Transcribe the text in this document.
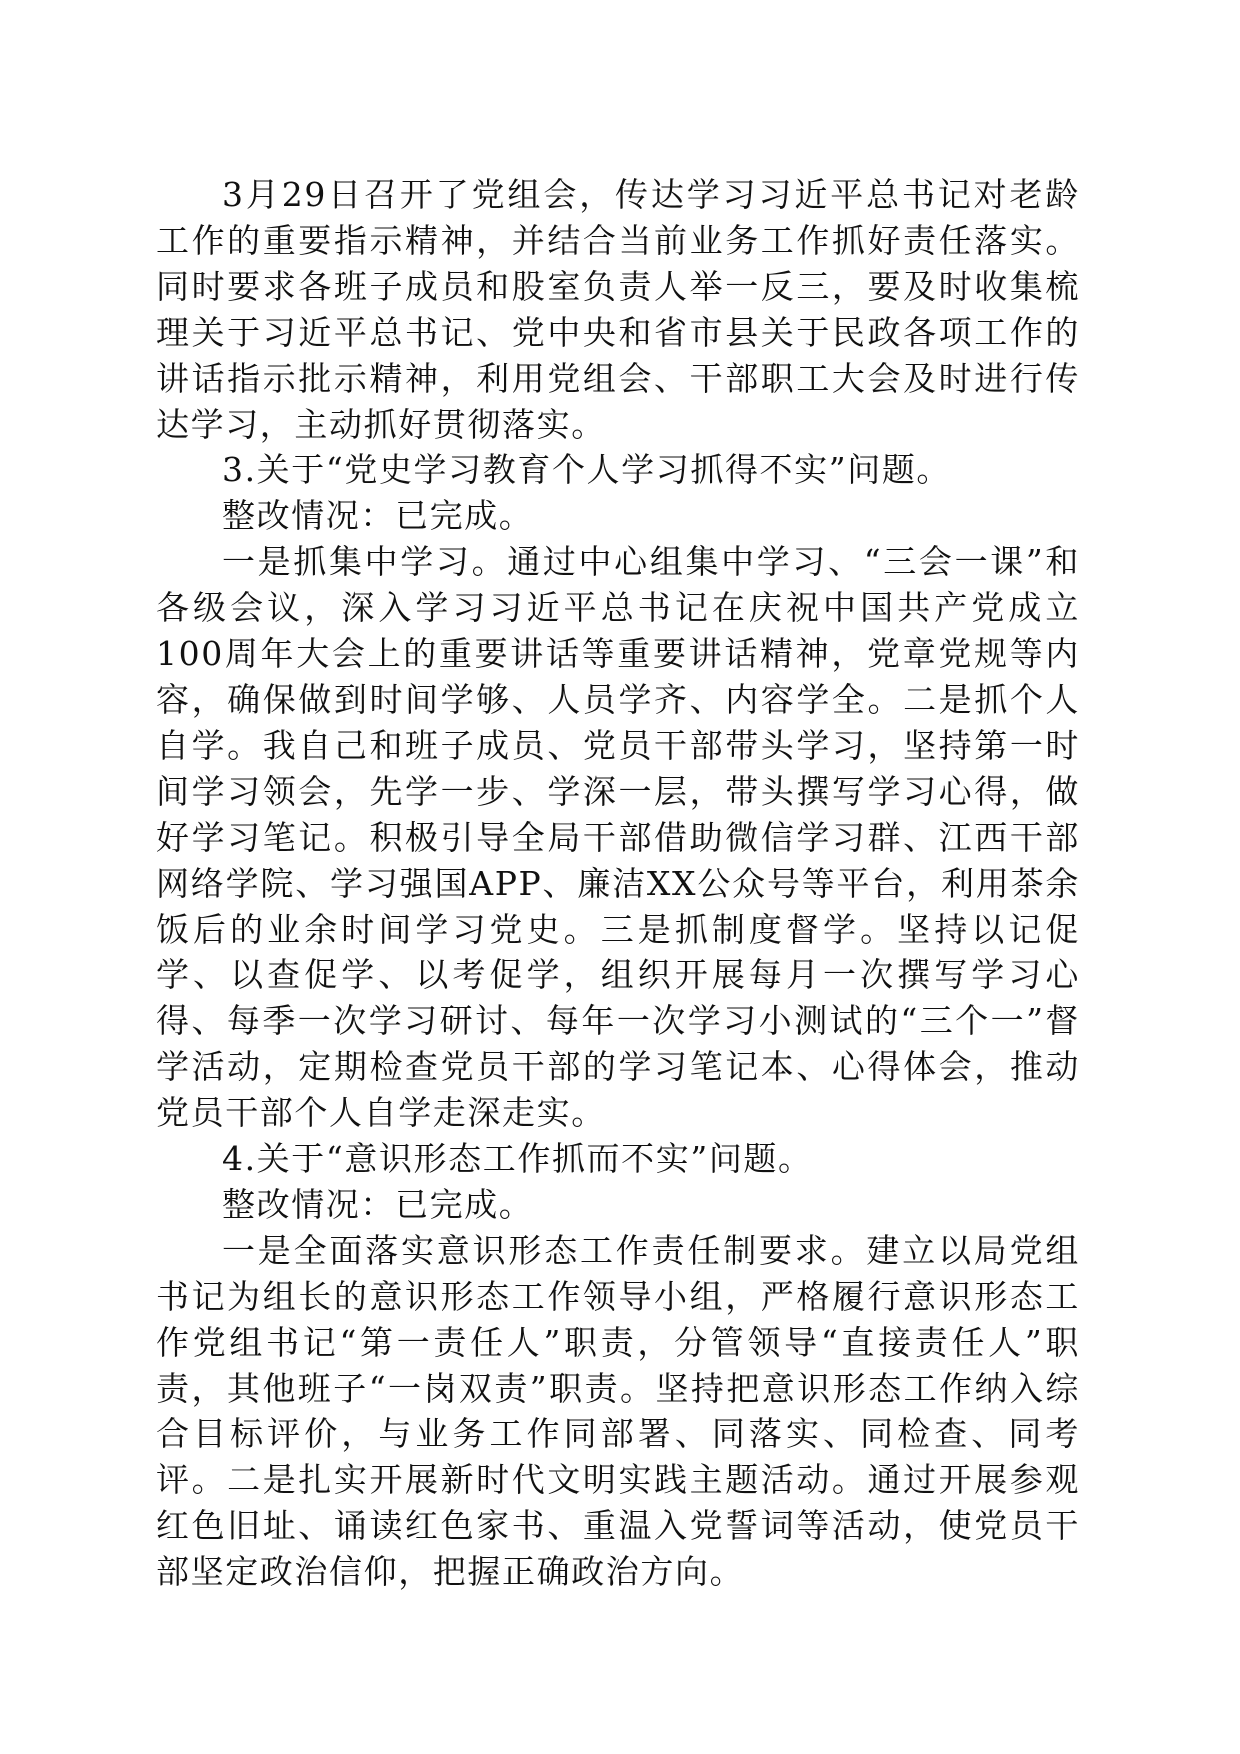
3月29日召开了党组会，传达学习习近平总书记对老龄工作的重要指示精神，并结合当前业务工作抓好责任落实。同时要求各班子成员和股室负责人举一反三，要及时收集梳理关于习近平总书记、党中央和省市县关于民政各项工作的讲话指示批示精神，利用党组会、干部职工大会及时进行传达学习，主动抓好贯彻落实。

3.关于“党史学习教育个人学习抓得不实”问题。

整改情况：已完成。

一是抓集中学习。通过中心组集中学习、“三会一课”和各级会议，深入学习习近平总书记在庆祝中国共产党成立100周年大会上的重要讲话等重要讲话精神，党章党规等内容，确保做到时间学够、人员学齐、内容学全。二是抓个人自学。我自己和班子成员、党员干部带头学习，坚持第一时间学习领会，先学一步、学深一层，带头撰写学习心得，做好学习笔记。积极引导全局干部借助微信学习群、江西干部网络学院、学习强国APP、廉洁XX公众号等平台，利用茶余饭后的业余时间学习党史。三是抓制度督学。坚持以记促学、以查促学、以考促学，组织开展每月一次撰写学习心得、每季一次学习研讨、每年一次学习小测试的“三个一”督学活动，定期检查党员干部的学习笔记本、心得体会，推动党员干部个人自学走深走实。

4.关于“意识形态工作抓而不实”问题。

整改情况：已完成。

一是全面落实意识形态工作责任制要求。建立以局党组书记为组长的意识形态工作领导小组，严格履行意识形态工作党组书记“第一责任人”职责，分管领导“直接责任人”职责，其他班子“一岗双责”职责。坚持把意识形态工作纳入综合目标评价，与业务工作同部署、同落实、同检查、同考评。二是扎实开展新时代文明实践主题活动。通过开展参观红色旧址、诵读红色家书、重温入党誓词等活动，使党员干部坚定政治信仰，把握正确政治方向。
